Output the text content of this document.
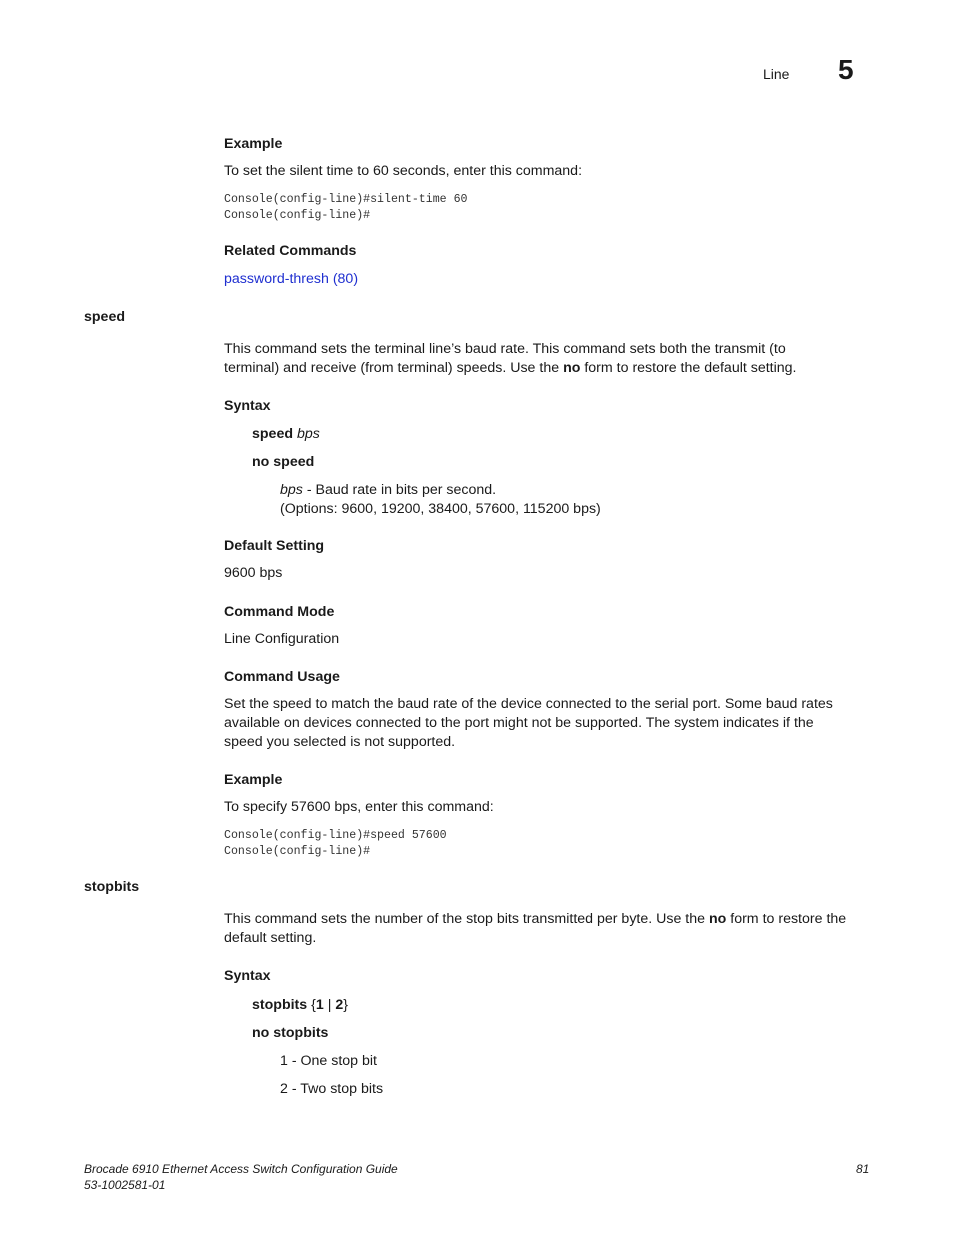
Line 5
Example
To set the silent time to 60 seconds, enter this command:
Console(config-line)#silent-time 60
Console(config-line)#
Related Commands
password-thresh (80)
speed
This command sets the terminal line’s baud rate. This command sets both the transmit (to
terminal) and receive (from terminal) speeds. Use the no form to restore the default setting.
Syntax
speed bps
no speed
bps - Baud rate in bits per second.
(Options: 9600, 19200, 38400, 57600, 115200 bps)
Default Setting
9600 bps
Command Mode
Line Configuration
Command Usage
Set the speed to match the baud rate of the device connected to the serial port. Some baud rates
available on devices connected to the port might not be supported. The system indicates if the
speed you selected is not supported.
Example
To specify 57600 bps, enter this command:
Console(config-line)#speed 57600
Console(config-line)#
stopbits
This command sets the number of the stop bits transmitted per byte. Use the no form to restore the
default setting.
Syntax
stopbits {1 | 2}
no stopbits
1 - One stop bit
2 - Two stop bits
Brocade 6910 Ethernet Access Switch Configuration Guide
53-1002581-01
81
